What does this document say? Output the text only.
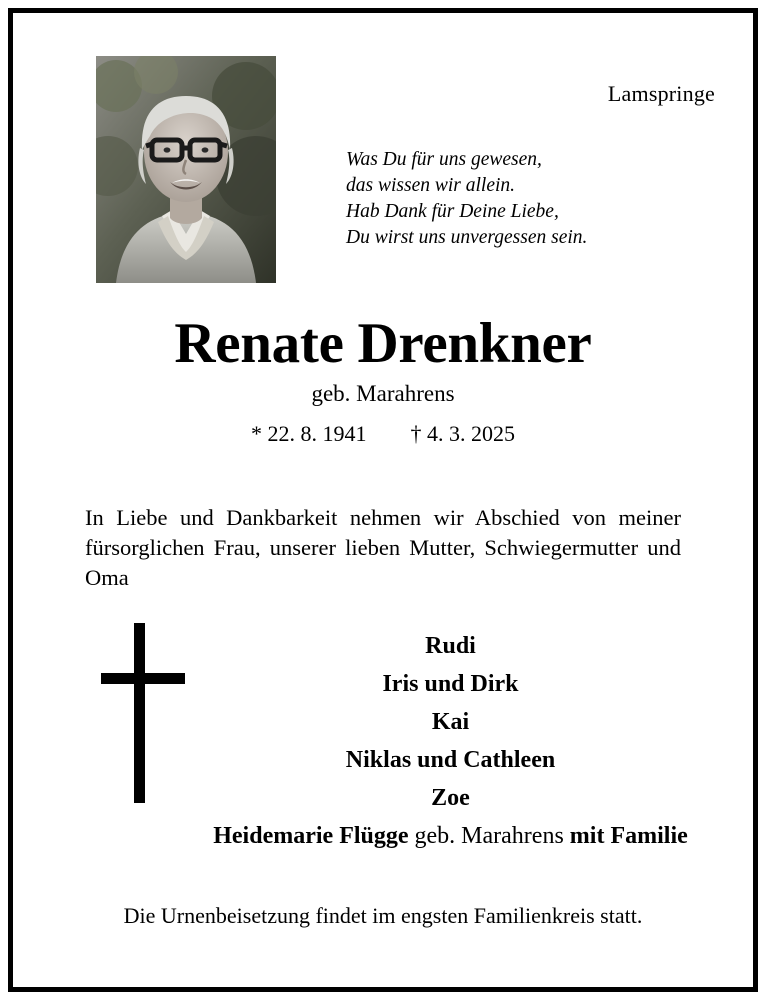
Lamspringe
Was Du für uns gewesen,
das wissen wir allein.
Hab Dank für Deine Liebe,
Du wirst uns unvergessen sein.
Renate Drenkner
geb. Marahrens
* 22. 8. 1941 † 4. 3. 2025
In Liebe und Dankbarkeit nehmen wir Abschied von meiner fürsorglichen Frau, unserer lieben Mutter, Schwiegermutter und Oma
Rudi
Iris und Dirk
Kai
Niklas und Cathleen
Zoe
Heidemarie Flügge geb. Marahrens mit Familie
Die Urnenbeisetzung findet im engsten Familienkreis statt.
